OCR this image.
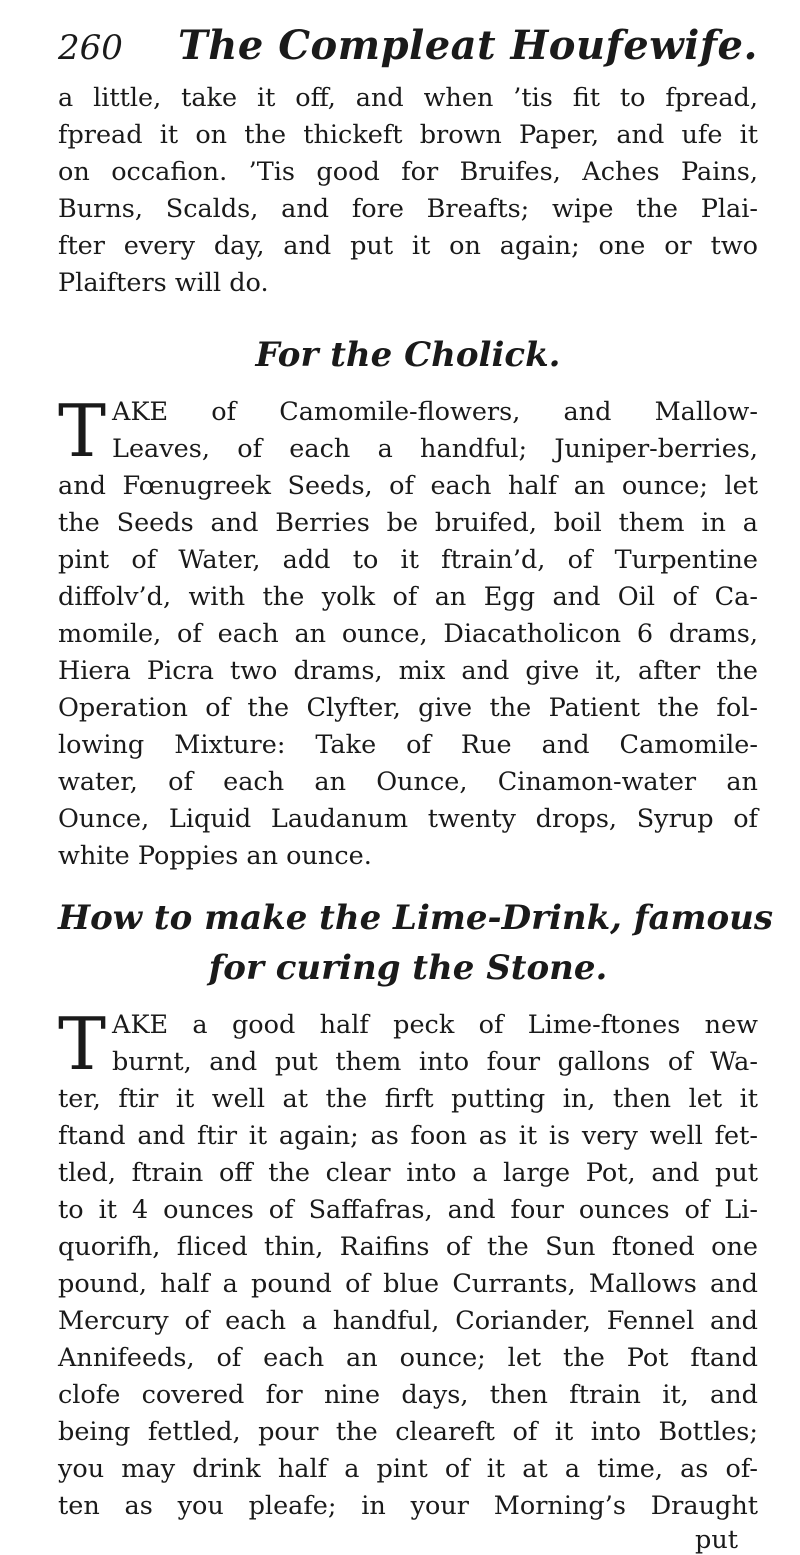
260 The Compleat Houfewife.
a little, take it off, and when ’tis fit to fpread,
fpread it on the thickeft brown Paper, and ufe it
on occafion. ’Tis good for Bruifes, Aches Pains,
Burns, Scalds, and fore Breafts; wipe the Plai-
fter every day, and put it on again; one or two
Plaifters will do.
For the Cholick.
T AKE of Camomile-flowers, and Mallow-
Leaves, of each a handful; Juniper-berries,
and Fœnugreek Seeds, of each half an ounce; let
the Seeds and Berries be bruifed, boil them in a
pint of Water, add to it ftrain’d, of Turpentine
diffolv’d, with the yolk of an Egg and Oil of Ca-
momile, of each an ounce, Diacatholicon 6 drams,
Hiera Picra two drams, mix and give it, after the
Operation of the Clyfter, give the Patient the fol-
lowing Mixture: Take of Rue and Camomile-
water, of each an Ounce, Cinamon-water an
Ounce, Liquid Laudanum twenty drops, Syrup of
white Poppies an ounce.
How to make the Lime-Drink, famous
for curing the Stone.
T AKE a good half peck of Lime-ftones new
burnt, and put them into four gallons of Wa-
ter, ftir it well at the firft putting in, then let it
ftand and ftir it again; as foon as it is very well fet-
tled, ftrain off the clear into a large Pot, and put
to it 4 ounces of Saffafras, and four ounces of Li-
quorifh, fliced thin, Raifins of the Sun ftoned one
pound, half a pound of blue Currants, Mallows and
Mercury of each a handful, Coriander, Fennel and
Annifeeds, of each an ounce; let the Pot ftand
clofe covered for nine days, then ftrain it, and
being fettled, pour the cleareft of it into Bottles;
you may drink half a pint of it at a time, as of-
ten as you pleafe; in your Morning’s Draught
put
